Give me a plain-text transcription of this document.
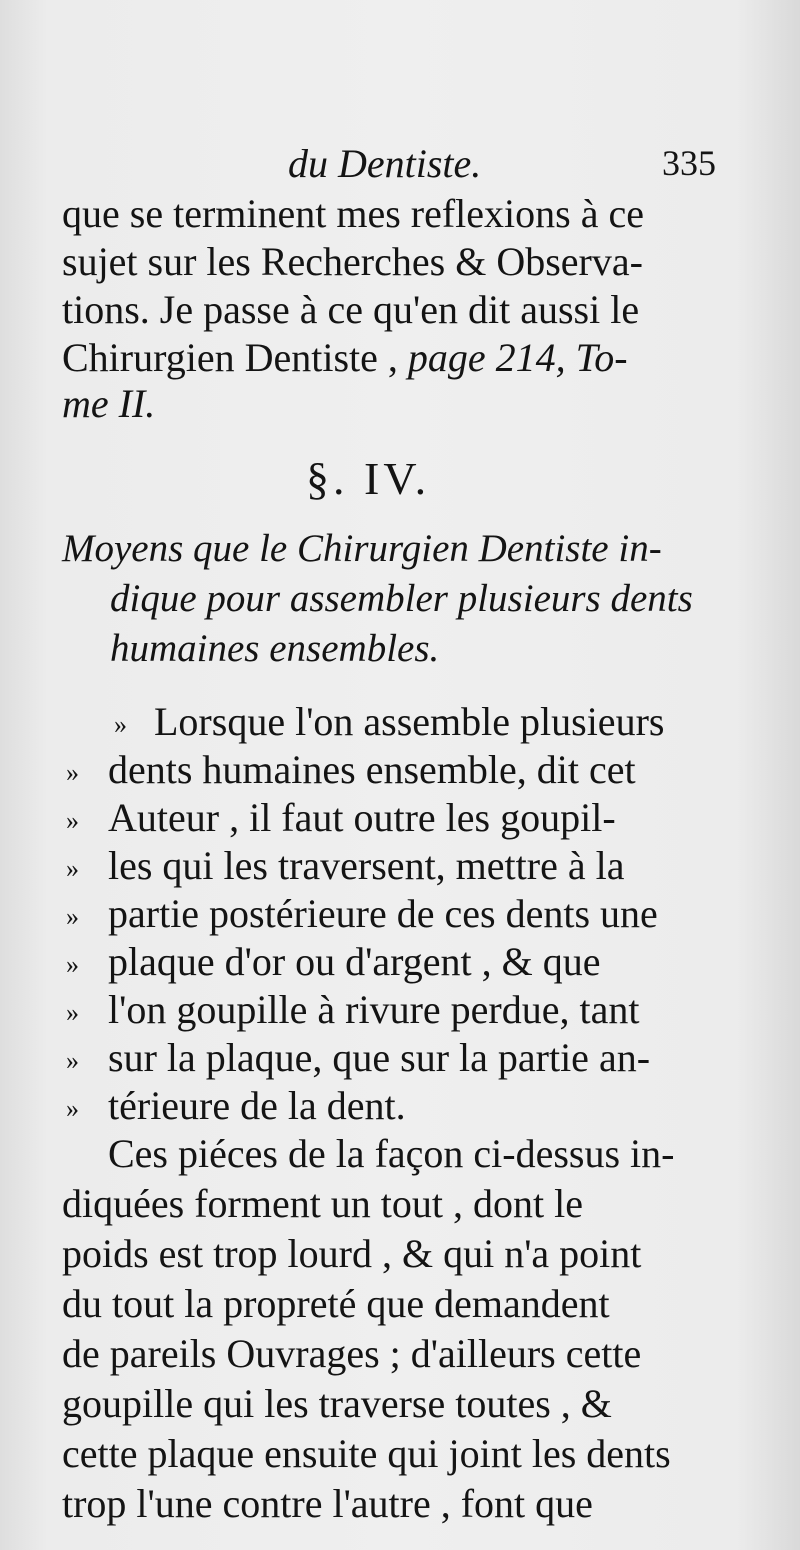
du Dentiste.	335
que se terminent mes reflexions à ce
sujet sur les Recherches & Observa-
tions. Je passe à ce qu'en dit aussi le
Chirurgien Dentiste , page 214, To-
me II.
§. IV.
Moyens que le Chirurgien Dentiste in-
dique pour assembler plusieurs dents
humaines ensembles.
» Lorsque l'on assemble plusieurs
» dents humaines ensemble, dit cet
» Auteur , il faut outre les goupil-
» les qui les traversent, mettre à la
» partie postérieure de ces dents une
» plaque d'or ou d'argent , & que
» l'on goupille à rivure perdue, tant
» sur la plaque, que sur la partie an-
» térieure de la dent.
Ces piéces de la façon ci-dessus in-
diquées forment un tout , dont le
poids est trop lourd , & qui n'a point
du tout la propreté que demandent
de pareils Ouvrages ; d'ailleurs cette
goupille qui les traverse toutes , &
cette plaque ensuite qui joint les dents
trop l'une contre l'autre , font que
